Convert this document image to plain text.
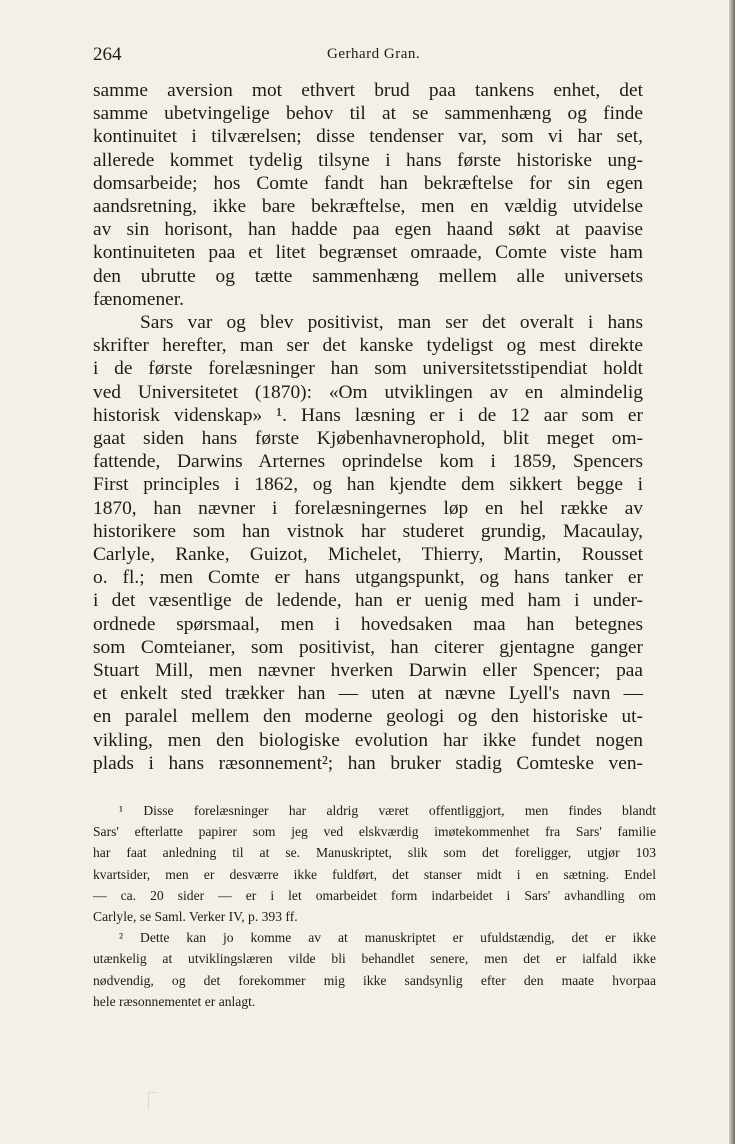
264	Gerhard Gran.
samme aversion mot ethvert brud paa tankens enhet, det
samme ubetvingelige behov til at se sammenhæng og finde
kontinuitet i tilværelsen; disse tendenser var, som vi har set,
allerede kommet tydelig tilsyne i hans første historiske ung-
domsarbeide; hos Comte fandt han bekræftelse for sin egen
aandsretning, ikke bare bekræftelse, men en vældig utvidelse
av sin horisont, han hadde paa egen haand søkt at paavise
kontinuiteten paa et litet begrænset omraade, Comte viste ham
den ubrutte og tætte sammenhæng mellem alle universets
fænomener.
Sars var og blev positivist, man ser det overalt i hans
skrifter herefter, man ser det kanske tydeligst og mest direkte
i de første forelæsninger han som universitetsstipendiat holdt
ved Universitetet (1870): «Om utviklingen av en almindelig
historisk videnskap» ¹. Hans læsning er i de 12 aar som er
gaat siden hans første Kjøbenhavnerophold, blit meget om-
fattende, Darwins Arternes oprindelse kom i 1859, Spencers
First principles i 1862, og han kjendte dem sikkert begge i
1870, han nævner i forelæsningernes løp en hel række av
historikere som han vistnok har studeret grundig, Macaulay,
Carlyle, Ranke, Guizot, Michelet, Thierry, Martin, Rousset
o. fl.; men Comte er hans utgangspunkt, og hans tanker er
i det væsentlige de ledende, han er uenig med ham i under-
ordnede spørsmaal, men i hovedsaken maa han betegnes
som Comteianer, som positivist, han citerer gjentagne ganger
Stuart Mill, men nævner hverken Darwin eller Spencer; paa
et enkelt sted trækker han — uten at nævne Lyell's navn —
en paralel mellem den moderne geologi og den historiske ut-
vikling, men den biologiske evolution har ikke fundet nogen
plads i hans ræsonnement²; han bruker stadig Comteske ven-
¹ Disse forelæsninger har aldrig været offentliggjort, men findes blandt
Sars' efterlatte papirer som jeg ved elskværdig imøtekommenhet fra Sars' familie
har faat anledning til at se. Manuskriptet, slik som det foreligger, utgjør 103
kvartsider, men er desværre ikke fuldført, det stanser midt i en sætning. Endel
— ca. 20 sider — er i let omarbeidet form indarbeidet i Sars' avhandling om
Carlyle, se Saml. Verker IV, p. 393 ff.
² Dette kan jo komme av at manuskriptet er ufuldstændig, det er ikke
utænkelig at utviklingslæren vilde bli behandlet senere, men det er ialfald ikke
nødvendig, og det forekommer mig ikke sandsynlig efter den maate hvorpaa
hele ræsonnementet er anlagt.
